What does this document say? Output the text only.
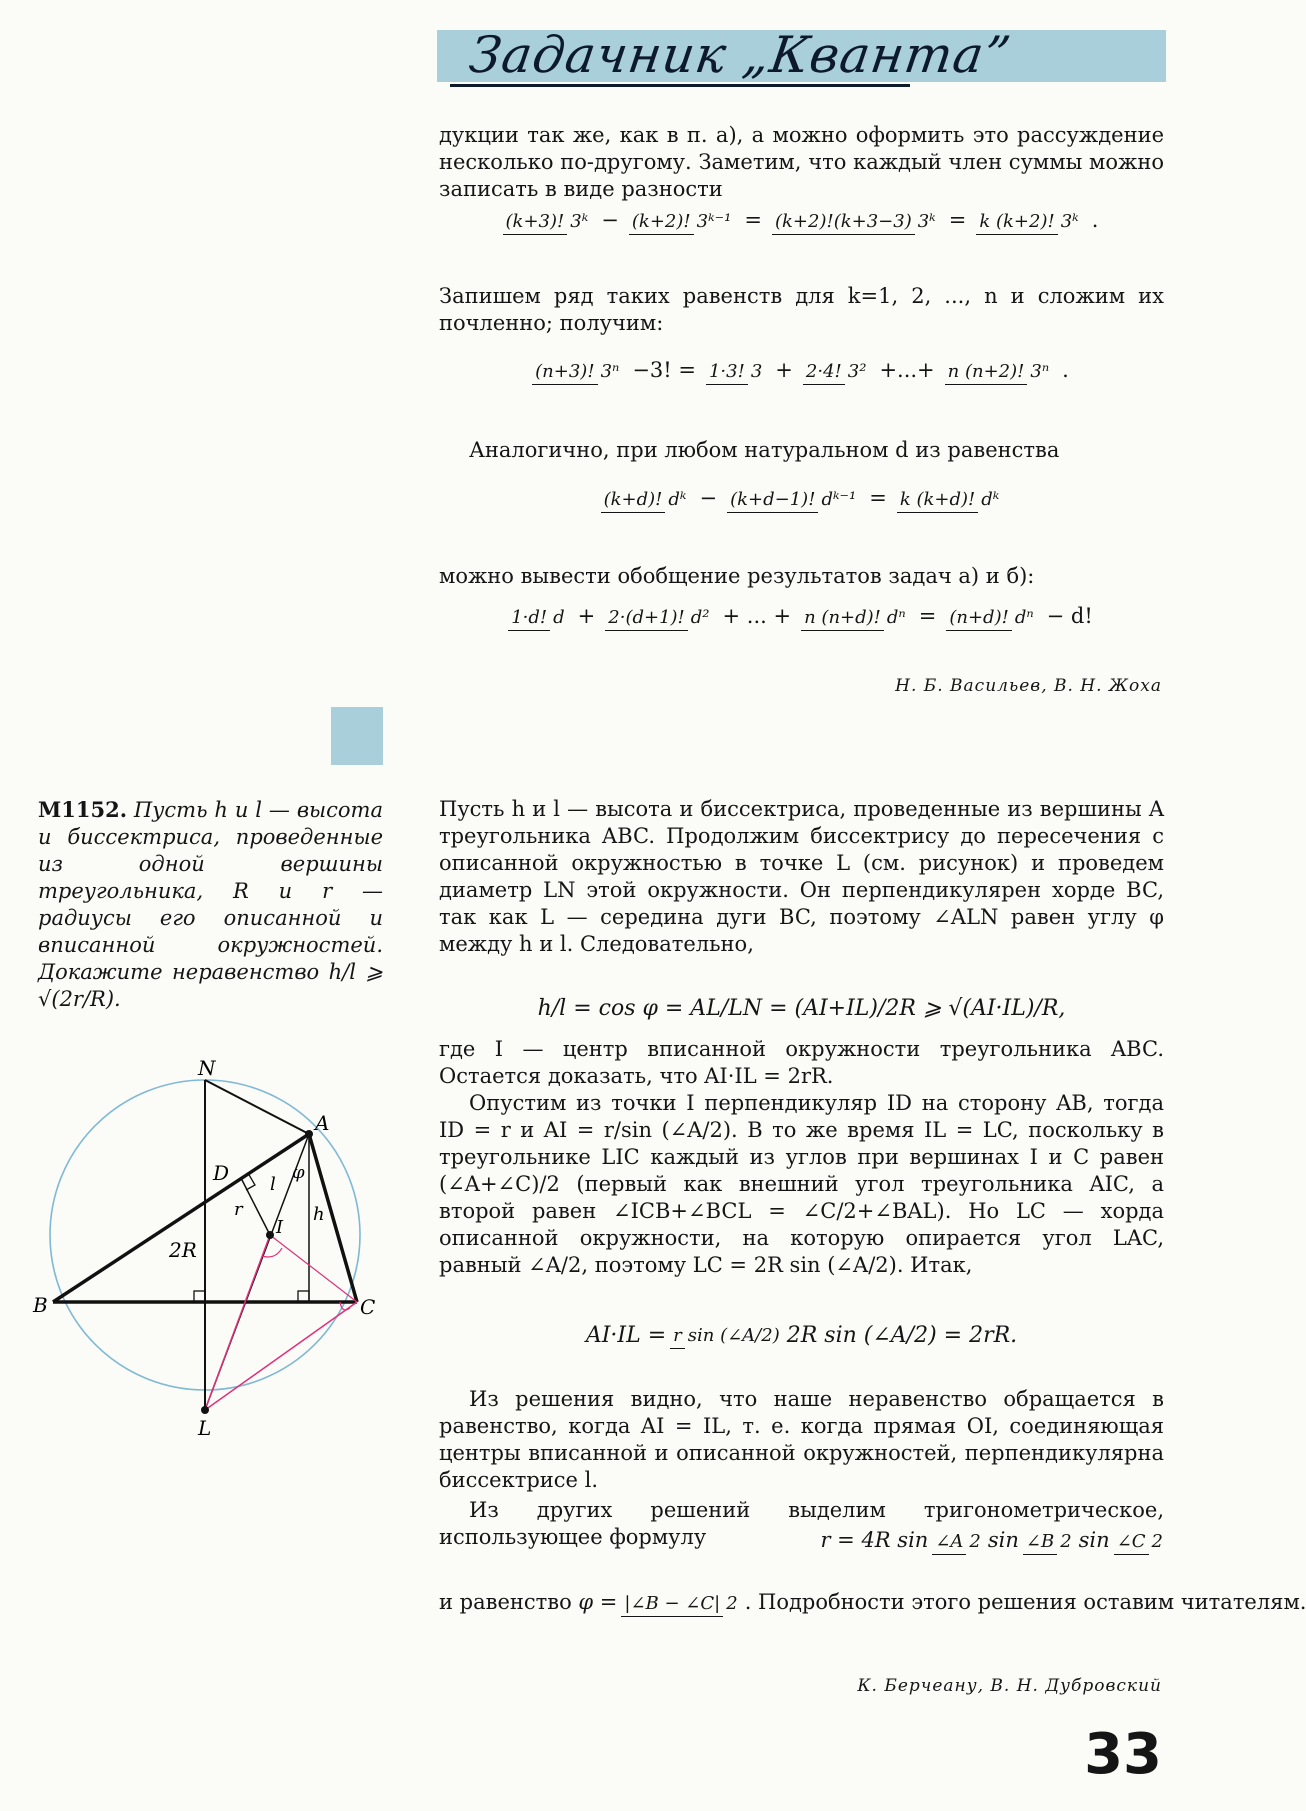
Задачник „Кванта”

дукции так же, как в п. а), а можно оформить это рассуждение несколько по-другому. Заметим, что каждый член суммы можно записать в виде разности

(k+3)! 3ᵏ − (k+2)! 3ᵏ⁻¹ = (k+2)!(k+3−3) 3ᵏ = k (k+2)! 3ᵏ .

Запишем ряд таких равенств для k=1, 2, ..., n и сложим их почленно; получим:

(n+3)! 3ⁿ −3! = 1·3! 3 + 2·4! 3² +...+ n (n+2)! 3ⁿ .

Аналогично, при любом натуральном d из равенства

(k+d)! dᵏ − (k+d−1)! dᵏ⁻¹ = k (k+d)! dᵏ

можно вывести обобщение результатов задач а) и б):

1·d! d + 2·(d+1)! d² + ... + n (n+d)! dⁿ = (n+d)! dⁿ − d!
Н. Б. Васильев, В. Н. Жоха
М1152. Пусть h и l — высота и биссектриса, проведенные из одной вершины треугольника, R и r — радиусы его описанной и вписанной окружностей. Докажите неравенство h/l ⩾ √(2r/R).
N
A
D
B	C
L
I
r
l
h
φ
2R

Пусть h и l — высота и биссектриса, проведенные из вершины A треугольника ABC. Продолжим биссектрису до пересечения с описанной окружностью в точке L (см. рисунок) и проведем диаметр LN этой окружности. Он перпендикулярен хорде BC, так как L — середина дуги BC, поэтому ∠ALN равен углу φ между h и l. Следовательно,

h/l = cos φ = AL/LN = (AI+IL)/2R ⩾ √(AI·IL)/R,

где I — центр вписанной окружности треугольника ABC. Остается доказать, что AI·IL = 2rR.

Опустим из точки I перпендикуляр ID на сторону AB, тогда ID = r и AI = r/sin (∠A/2). В то же время IL = LC, поскольку в треугольнике LIC каждый из углов при вершинах I и C равен (∠A+∠C)/2 (первый как внешний угол треугольника AIC, а второй равен ∠ICB+∠BCL = ∠C/2+∠BAL). Но LC — хорда описанной окружности, на которую опирается угол LAC, равный ∠A/2, поэтому LC = 2R sin (∠A/2). Итак,

AI·IL = r sin (∠A/2) 2R sin (∠A/2) = 2rR.

Из решения видно, что наше неравенство обращается в равенство, когда AI = IL, т. е. когда прямая OI, соединяющая центры вписанной и описанной окружностей, перпендикулярна биссектрисе l.

Из других решений выделим тригонометрическое, использующее формулу	r = 4R sin ∠A 2 sin ∠B 2 sin ∠C 2
и равенство φ = |∠B − ∠C| 2 . Подробности этого решения оставим читателям.
К. Берчеану, В. Н. Дубровский
33
